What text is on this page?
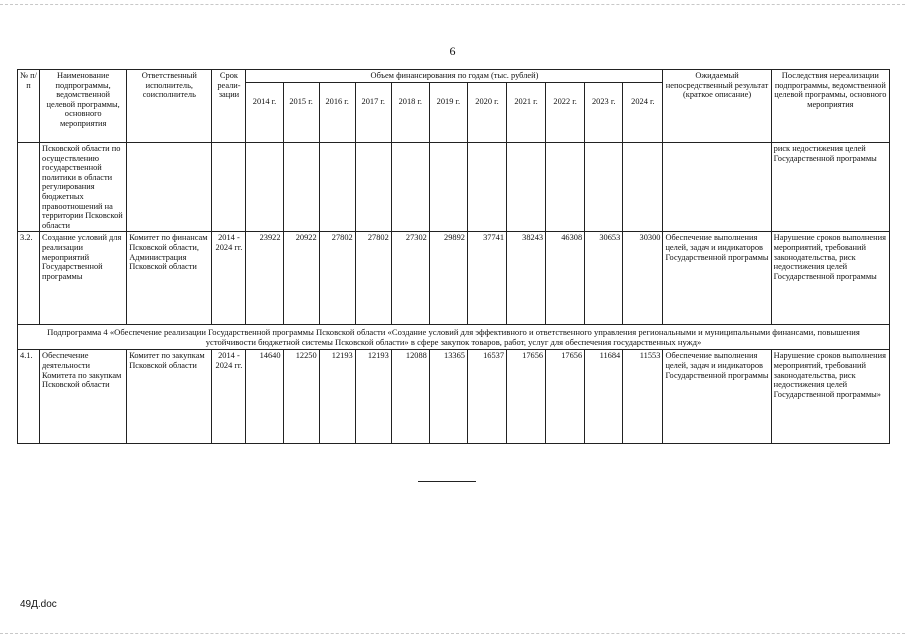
6
№ п/п	Наименование подпрограммы, ведомственной целевой программы, основного мероприятия	Ответственный исполнитель, соисполнитель	Срок реали-зации	Объем финансирования по годам (тыс. рублей)											Ожидаемый непосредственный результат (краткое описание)	Последствия нереализации подпрограммы, ведомственной целевой программы, основного мероприятия
				2014 г.	2015 г.	2016 г.	2017 г.	2018 г.	2019 г.	2020 г.	2021 г.	2022 г.	2023 г.	2024 г.		
	Псковской области по осуществлению государственной политики в области регулирования бюджетных правоотношений на территории Псковской области															риск недостижения целей Государственной программы
3.2.	Создание условий для реализации мероприятий Государственной программы	Комитет по финансам Псковской области, Администрация Псковской области	2014 - 2024 гг.	23922	20922	27802	27802	27302	29892	37741	38243	46308	30653	30300	Обеспечение выполнения целей, задач и индикаторов Государственной программы	Нарушение сроков выполнения мероприятий, требований законодательства, риск недостижения целей Государственной программы
Подпрограмма 4 «Обеспечение реализации Государственной программы Псковской области «Создание условий для эффективного и ответственного управления региональными и муниципальными финансами, повышения устойчивости бюджетной системы Псковской области» в сфере закупок товаров, работ, услуг для обеспечения государственных нужд»																
4.1.	Обеспечение деятельности Комитета по закупкам Псковской области	Комитет по закупкам Псковской области	2014 - 2024 гг.	14640	12250	12193	12193	12088	13365	16537	17656	17656	11684	11553	Обеспечение выполнения целей, задач и индикаторов Государственной программы	Нарушение сроков выполнения мероприятий, требований законодательства, риск недостижения целей Государственной программы»
49Д.doc
